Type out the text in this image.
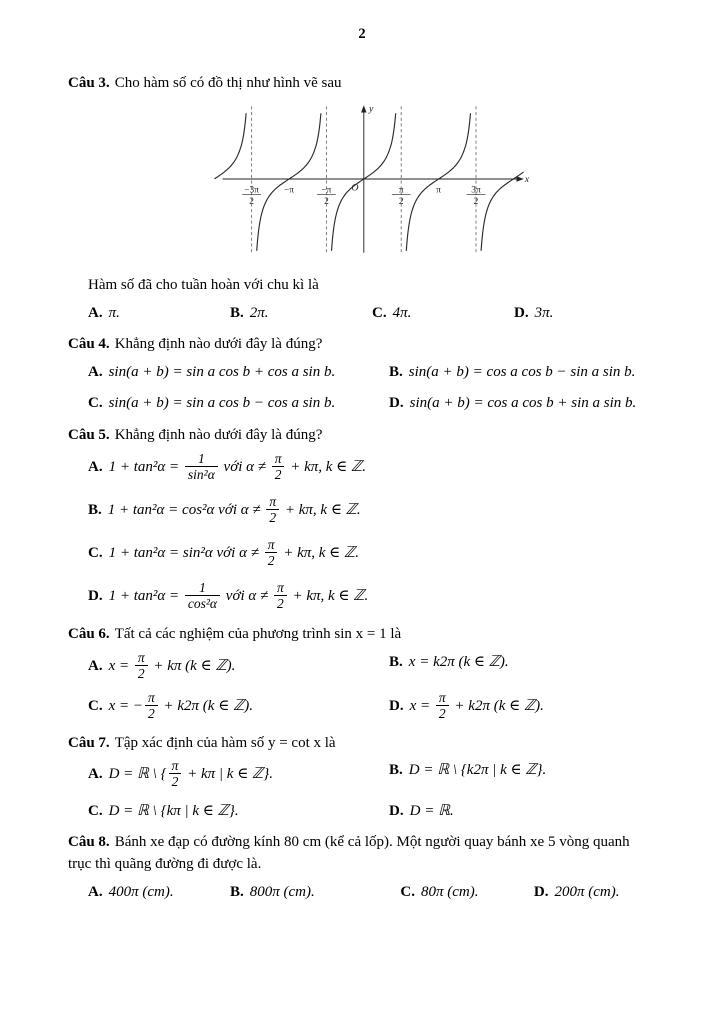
2

Câu 3. Cho hàm số có đồ thị như hình vẽ sau

x
y
O
−3π
2
−π	−π
2
π
2
π	3π
2

Hàm số đã cho tuần hoàn với chu kì là

A. π.	B. 2π.	C. 4π.	D. 3π.

Câu 4. Khẳng định nào dưới đây là đúng?

A. sin(a + b) = sin a cos b + cos a sin b.	B. sin(a + b) = cos a cos b − sin a sin b.
C. sin(a + b) = sin a cos b − cos a sin b.	D. sin(a + b) = cos a cos b + sin a sin b.

Câu 5. Khẳng định nào dưới đây là đúng?

A. $1 + \tan^2\alpha = \frac{1}{\text{sin²α}}$ với $\alpha \ne \frac{\pi}{2} + k\pi$, k ∈ ℤ.
B. 1 + tan²α = cos²α với $\alpha \ne \frac{\pi}{2} + k\pi$, k ∈ ℤ.
C. 1 + tan²α = sin²α với $\alpha \ne \frac{\pi}{2} + k\pi$, k ∈ ℤ.
D. $1 + \tan^2\alpha = \frac{1}{\text{cos²α}}$ với $\alpha \ne \frac{\pi}{2} + k\pi$, k ∈ ℤ.

Câu 6. Tất cả các nghiệm của phương trình sin x = 1 là

A. $x = \frac{\pi}{2} + k\pi$ (k ∈ ℤ).	B. x = k2π (k ∈ ℤ).
C. x = − $\frac{\pi}{2} + k2\pi$ (k ∈ ℤ).	D. $x = \frac{\pi}{2} + k2\pi$ (k ∈ ℤ).

Câu 7. Tập xác định của hàm số y = cot x là

A. D = ℝ \ { $\frac{\pi}{2} + k\pi$ | k ∈ ℤ}.	B. D = ℝ \ {k2π | k ∈ ℤ}.
C. D = ℝ \ {kπ | k ∈ ℤ}.	D. D = ℝ.

Câu 8. Bánh xe đạp có đường kính 80 cm (kể cả lốp). Một người quay bánh xe 5 vòng quanh trục thì quãng đường đi được là.

A. 400π (cm).	B. 800π (cm).	C. 80π (cm).	D. 200π (cm).
